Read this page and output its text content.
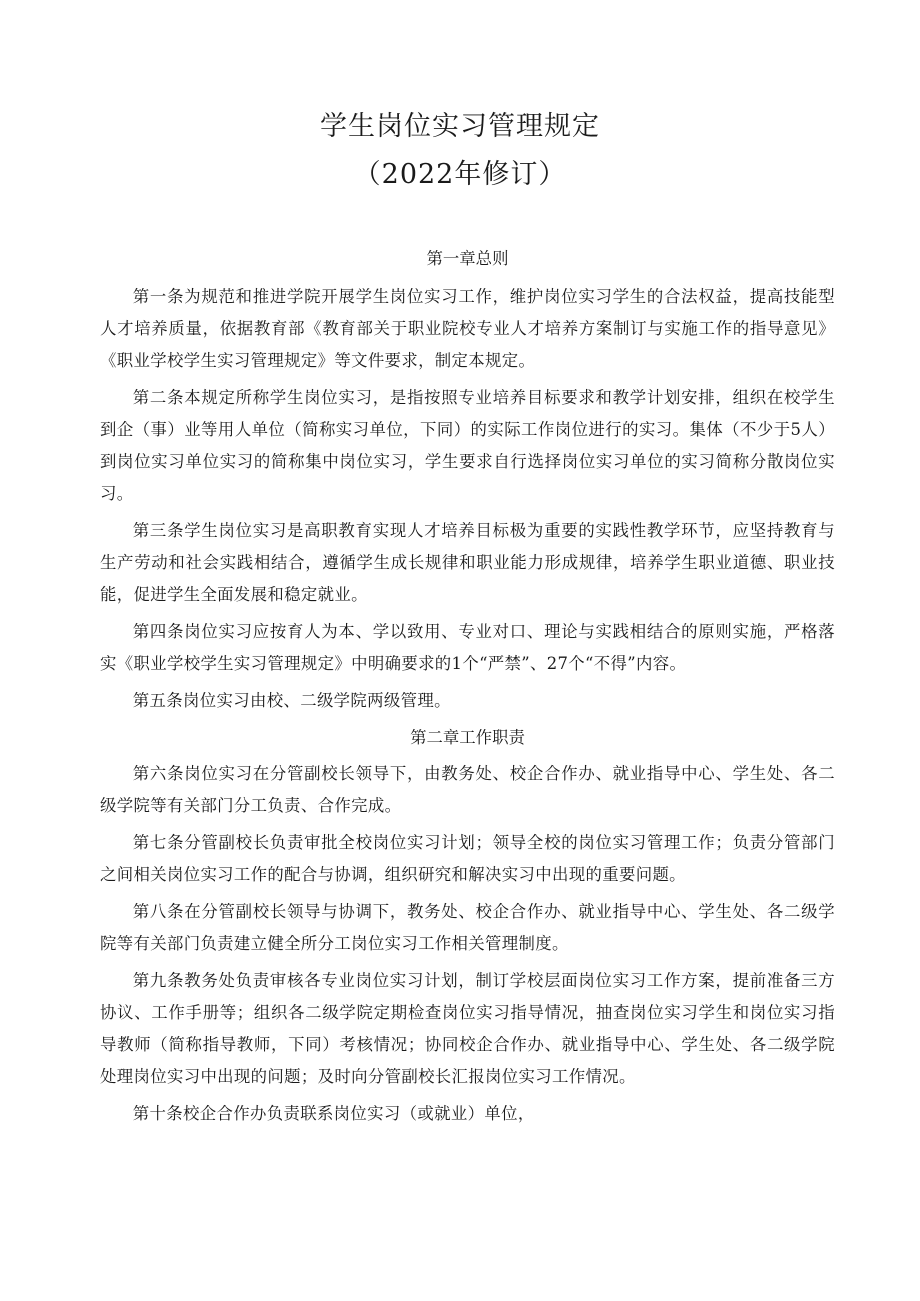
学生岗位实习管理规定
（2022年修订）
第一章总则

第一条为规范和推进学院开展学生岗位实习工作，维护岗位实习学生的合法权益，提高技能型人才培养质量，依据教育部《教育部关于职业院校专业人才培养方案制订与实施工作的指导意见》《职业学校学生实习管理规定》等文件要求，制定本规定。

第二条本规定所称学生岗位实习，是指按照专业培养目标要求和教学计划安排，组织在校学生到企（事）业等用人单位（简称实习单位，下同）的实际工作岗位进行的实习。集体（不少于5人）到岗位实习单位实习的简称集中岗位实习，学生要求自行选择岗位实习单位的实习简称分散岗位实习。

第三条学生岗位实习是高职教育实现人才培养目标极为重要的实践性教学环节，应坚持教育与生产劳动和社会实践相结合，遵循学生成长规律和职业能力形成规律，培养学生职业道德、职业技能，促进学生全面发展和稳定就业。

第四条岗位实习应按育人为本、学以致用、专业对口、理论与实践相结合的原则实施，严格落实《职业学校学生实习管理规定》中明确要求的1个“严禁”、27个“不得”内容。

第五条岗位实习由校、二级学院两级管理。

第二章工作职责

第六条岗位实习在分管副校长领导下，由教务处、校企合作办、就业指导中心、学生处、各二级学院等有关部门分工负责、合作完成。

第七条分管副校长负责审批全校岗位实习计划；领导全校的岗位实习管理工作；负责分管部门之间相关岗位实习工作的配合与协调，组织研究和解决实习中出现的重要问题。

第八条在分管副校长领导与协调下，教务处、校企合作办、就业指导中心、学生处、各二级学院等有关部门负责建立健全所分工岗位实习工作相关管理制度。

第九条教务处负责审核各专业岗位实习计划，制订学校层面岗位实习工作方案，提前准备三方协议、工作手册等；组织各二级学院定期检查岗位实习指导情况，抽查岗位实习学生和岗位实习指导教师（简称指导教师，下同）考核情况；协同校企合作办、就业指导中心、学生处、各二级学院处理岗位实习中出现的问题；及时向分管副校长汇报岗位实习工作情况。

第十条校企合作办负责联系岗位实习（或就业）单位，
